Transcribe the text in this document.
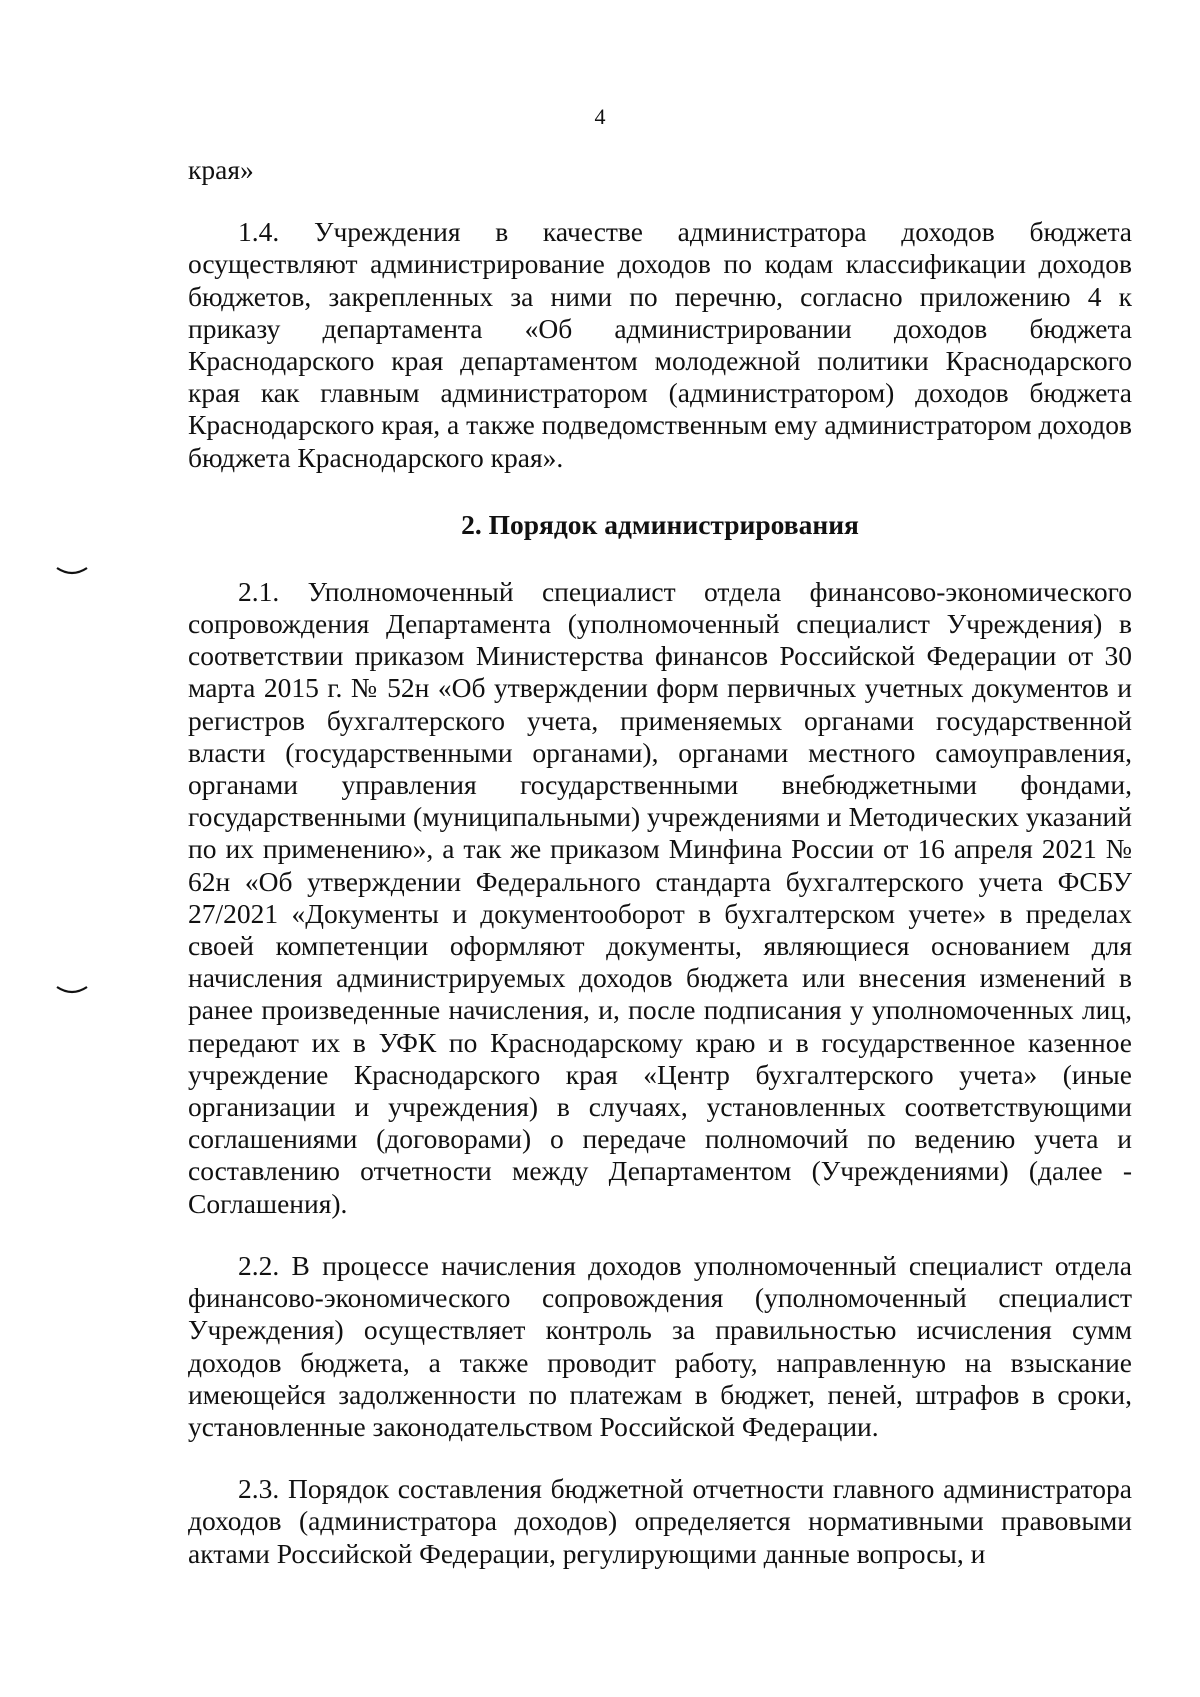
4

края»

1.4. Учреждения в качестве администратора доходов бюджета осуществляют администрирование доходов по кодам классификации доходов бюджетов, закрепленных за ними по перечню, согласно приложению 4 к приказу департамента «Об администрировании доходов бюджета Краснодарского края департаментом молодежной политики Краснодарского края как главным администратором (администратором) доходов бюджета Краснодарского края, а также подведомственным ему администратором доходов бюджета Краснодарского края».

2. Порядок администрирования

2.1. Уполномоченный специалист отдела финансово-экономического сопровождения Департамента (уполномоченный специалист Учреждения) в соответствии приказом Министерства финансов Российской Федерации от 30 марта 2015 г. № 52н «Об утверждении форм первичных учетных документов и регистров бухгалтерского учета, применяемых органами государственной власти (государственными органами), органами местного самоуправления, органами управления государственными внебюджетными фондами, государственными (муниципальными) учреждениями и Методических указаний по их применению», а так же приказом Минфина России от 16 апреля 2021 № 62н «Об утверждении Федерального стандарта бухгалтерского учета ФСБУ 27/2021 «Документы и документооборот в бухгалтерском учете» в пределах своей компетенции оформляют документы, являющиеся основанием для начисления администрируемых доходов бюджета или внесения изменений в ранее произведенные начисления, и, после подписания у уполномоченных лиц, передают их в УФК по Краснодарскому краю и в государственное казенное учреждение Краснодарского края «Центр бухгалтерского учета» (иные организации и учреждения) в случаях, установленных соответствующими соглашениями (договорами) о передаче полномочий по ведению учета и составлению отчетности между Департаментом (Учреждениями) (далее - Соглашения).

2.2. В процессе начисления доходов уполномоченный специалист отдела финансово-экономического сопровождения (уполномоченный специалист Учреждения) осуществляет контроль за правильностью исчисления сумм доходов бюджета, а также проводит работу, направленную на взыскание имеющейся задолженности по платежам в бюджет, пеней, штрафов в сроки, установленные законодательством Российской Федерации.

2.3. Порядок составления бюджетной отчетности главного администратора доходов (администратора доходов) определяется нормативными правовыми актами Российской Федерации, регулирующими данные вопросы, и
